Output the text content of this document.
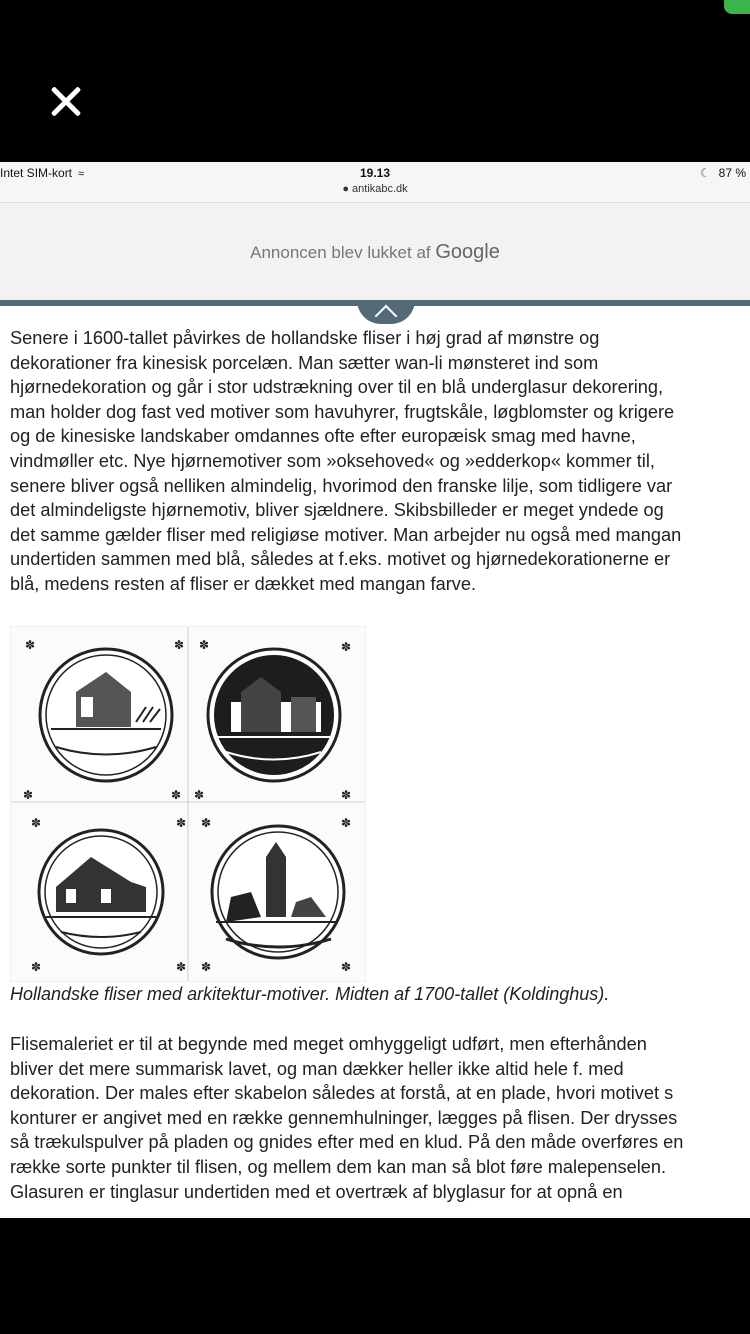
Intet SIM-kort ≈	19.13
● antikabc.dk
☾ 87 %
Annoncen blev lukket af Google

Senere i 1600-tallet påvirkes de hollandske fliser i høj grad af mønstre og

dekorationer fra kinesisk porcelæn. Man sætter wan-li mønsteret ind som

hjørnedekoration og går i stor udstrækning over til en blå underglasur dekorering,

man holder dog fast ved motiver som havuhyrer, frugtskåle, løgblomster og krigere

og de kinesiske landskaber omdannes ofte efter europæisk smag med havne,

vindmøller etc. Nye hjørnemotiver som »oksehoved« og »edderkop« kommer til,

senere bliver også nelliken almindelig, hvorimod den franske lilje, som tidligere var

det almindeligste hjørnemotiv, bliver sjældnere. Skibsbilleder er meget yndede og

det samme gælder fliser med religiøse motiver. Man arbejder nu også med mangan

undertiden sammen med blå, således at f.eks. motivet og hjørnedekorationerne er

blå, medens resten af fliser er dækket med mangan farve.

✽	✽ ✽	✽
✽	✽ ✽	✽
✽	✽ ✽	✽
✽	✽ ✽	✽
Hollandske fliser med arkitektur-motiver. Midten af 1700-tallet (Koldinghus).

Flisemaleriet er til at begynde med meget omhyggeligt udført, men efterhånden

bliver det mere summarisk lavet, og man dækker heller ikke altid hele f. med

dekoration. Der males efter skabelon således at forstå, at en plade, hvori motivet s

konturer er angivet med en række gennemhulninger, lægges på flisen. Der drysses

så trækulspulver på pladen og gnides efter med en klud. På den måde overføres en

række sorte punkter til flisen, og mellem dem kan man så blot føre malepenselen.

Glasuren er tinglasur undertiden med et overtræk af blyglasur for at opnå en
